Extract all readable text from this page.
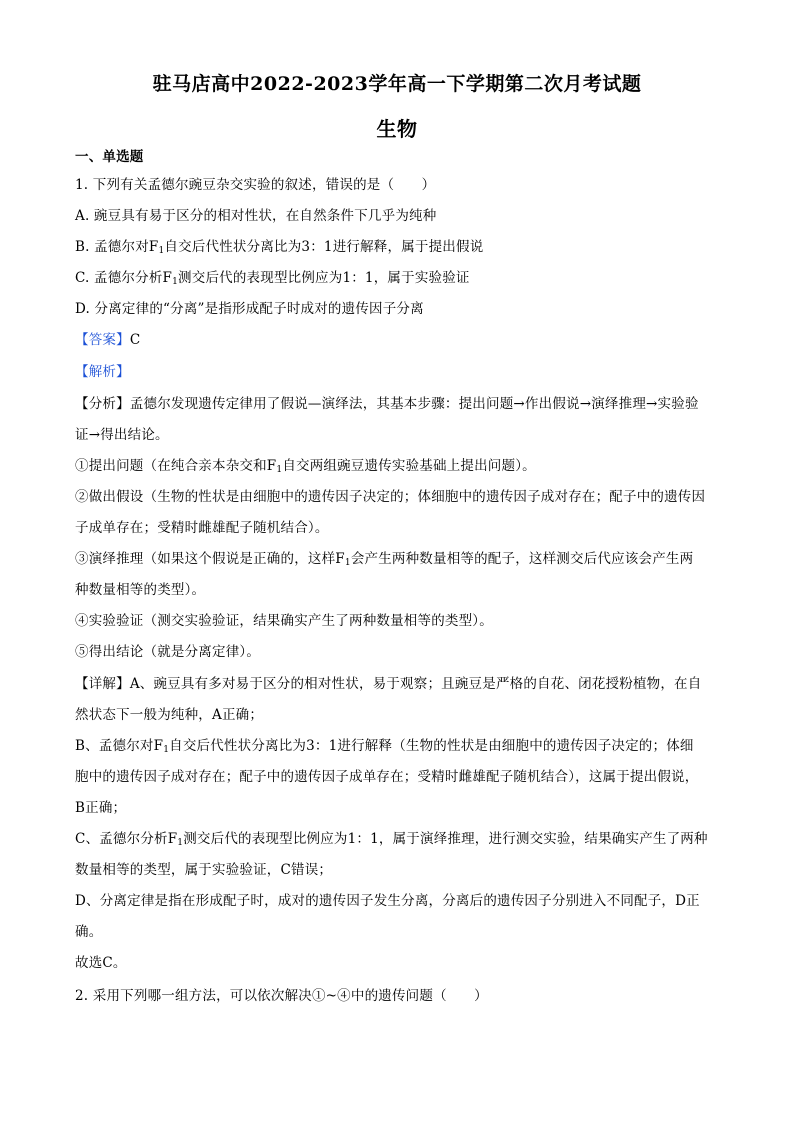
驻马店高中2022-2023学年高一下学期第二次月考试题
生物
一、单选题
1. 下列有关孟德尔豌豆杂交实验的叙述，错误的是（　　）
A. 豌豆具有易于区分的相对性状，在自然条件下几乎为纯种
B. 孟德尔对$F_1$自交后代性状分离比为3：1进行解释，属于提出假说
C. 孟德尔分析$F_1$测交后代的表现型比例应为1：1，属于实验验证
D. 分离定律的“分离”是指形成配子时成对的遗传因子分离
【答案】C
【解析】
【分析】孟德尔发现遗传定律用了假说—演绎法，其基本步骤：提出问题→作出假说→演绎推理→实验验
证→得出结论。
①提出问题（在纯合亲本杂交和$F_1$自交两组豌豆遗传实验基础上提出问题）。
②做出假设（生物的性状是由细胞中的遗传因子决定的；体细胞中的遗传因子成对存在；配子中的遗传因
子成单存在；受精时雌雄配子随机结合）。
③演绎推理（如果这个假说是正确的，这样$F_1$会产生两种数量相等的配子，这样测交后代应该会产生两
种数量相等的类型）。
④实验验证（测交实验验证，结果确实产生了两种数量相等的类型）。
⑤得出结论（就是分离定律）。
【详解】A、豌豆具有多对易于区分的相对性状，易于观察；且豌豆是严格的自花、闭花授粉植物，在自
然状态下一般为纯种，A正确；
B、孟德尔对$F_1$自交后代性状分离比为3：1进行解释（生物的性状是由细胞中的遗传因子决定的；体细
胞中的遗传因子成对存在；配子中的遗传因子成单存在；受精时雌雄配子随机结合），这属于提出假说，
B正确；
C、孟德尔分析$F_1$测交后代的表现型比例应为1：1，属于演绎推理，进行测交实验，结果确实产生了两种
数量相等的类型，属于实验验证，C错误；
D、分离定律是指在形成配子时，成对的遗传因子发生分离，分离后的遗传因子分别进入不同配子，D正
确。
故选C。
2. 采用下列哪一组方法，可以依次解决①~④中的遗传问题（　　）
